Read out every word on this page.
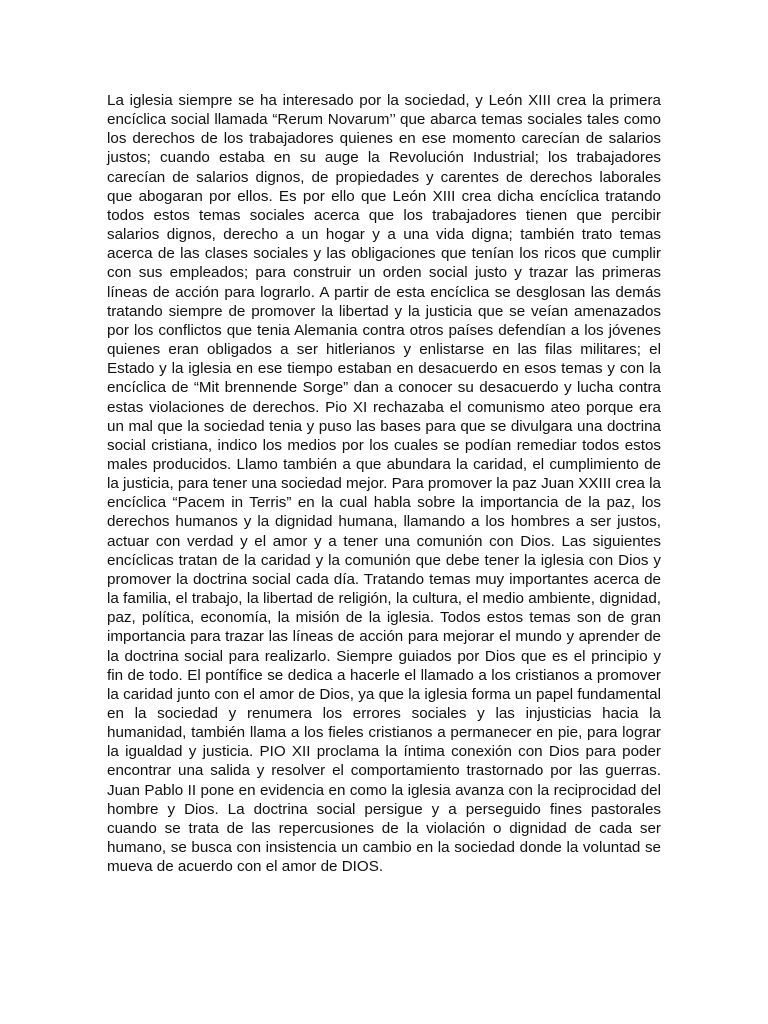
La iglesia siempre se ha interesado por la sociedad, y León XIII crea la primera encíclica social llamada “Rerum Novarum’’ que abarca temas sociales tales como los derechos de los trabajadores quienes en ese momento carecían de salarios justos; cuando estaba en su auge la Revolución Industrial; los trabajadores carecían de salarios dignos, de propiedades y carentes de derechos laborales que abogaran por ellos. Es por ello que León XIII crea dicha encíclica tratando todos estos temas sociales acerca que los trabajadores tienen que percibir salarios dignos, derecho a un hogar y a una vida digna; también trato temas acerca de las clases sociales y las obligaciones que tenían los ricos que cumplir con sus empleados; para construir un orden social justo y trazar las primeras líneas de acción para lograrlo. A partir de esta encíclica se desglosan las demás tratando siempre de promover la libertad y la justicia que se veían amenazados por los conflictos que tenia Alemania contra otros países defendían a los jóvenes quienes eran obligados a ser hitlerianos y enlistarse en las filas militares; el Estado y la iglesia en ese tiempo estaban en desacuerdo en esos temas y con la encíclica de “Mit brennende Sorge” dan a conocer su desacuerdo y lucha contra estas violaciones de derechos. Pio XI rechazaba el comunismo ateo porque era un mal que la sociedad tenia y puso las bases para que se divulgara una doctrina social cristiana, indico los medios por los cuales se podían remediar todos estos males producidos. Llamo también a que abundara la caridad, el cumplimiento de la justicia, para tener una sociedad mejor. Para promover la paz Juan XXIII crea la encíclica “Pacem in Terris” en la cual habla sobre la importancia de la paz, los derechos humanos y la dignidad humana, llamando a los hombres a ser justos, actuar con verdad y el amor y a tener una comunión con Dios. Las siguientes encíclicas tratan de la caridad y la comunión que debe tener la iglesia con Dios y promover la doctrina social cada día. Tratando temas muy importantes acerca de la familia, el trabajo, la libertad de religión, la cultura, el medio ambiente, dignidad, paz, política, economía, la misión de la iglesia. Todos estos temas son de gran importancia para trazar las líneas de acción para mejorar el mundo y aprender de la doctrina social para realizarlo. Siempre guiados por Dios que es el principio y fin de todo. El pontífice se dedica a hacerle el llamado a los cristianos a promover la caridad junto con el amor de Dios, ya que la iglesia forma un papel fundamental en la sociedad y renumera los errores sociales y las injusticias hacia la humanidad, también llama a los fieles cristianos a permanecer en pie, para lograr la igualdad y justicia. PIO XII proclama la íntima conexión con Dios para poder encontrar una salida y resolver el comportamiento trastornado por las guerras. Juan Pablo II pone en evidencia en como la iglesia avanza con la reciprocidad del hombre y Dios. La doctrina social persigue y a perseguido fines pastorales cuando se trata de las repercusiones de la violación o dignidad de cada ser humano, se busca con insistencia un cambio en la sociedad donde la voluntad se mueva de acuerdo con el amor de DIOS.
